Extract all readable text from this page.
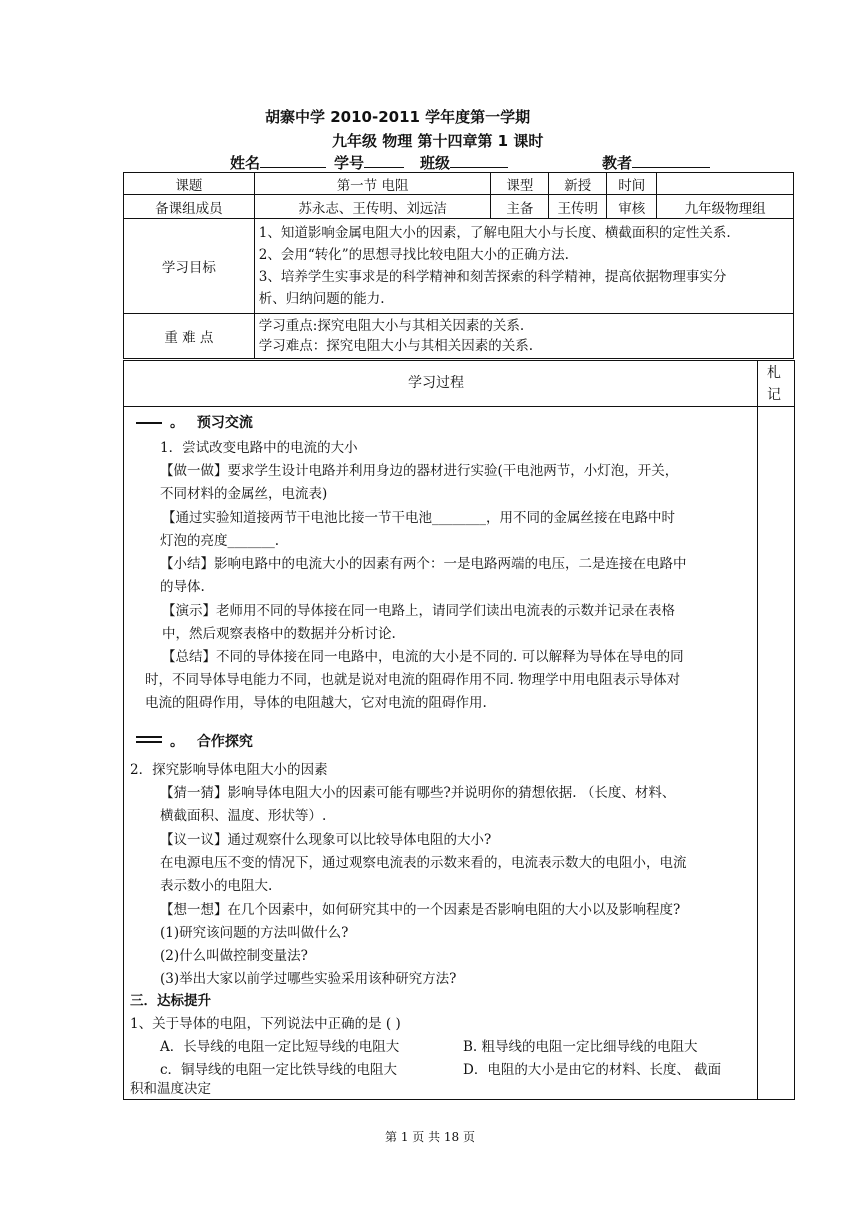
胡寨中学 2010-2011 学年度第一学期
九年级 物理 第十四章第 1 课时
姓名	学号	班级	教者
课题	第一节 电阻	课型	新授	时间	
备课组成员	苏永志、王传明、刘远洁	主备	王传明	审核	九年级物理组
学习目标	1、知道影响金属电阻大小的因素，了解电阻大小与长度、横截面积的定性关系.
2、会用“转化”的思想寻找比较电阻大小的正确方法.
3、培养学生实事求是的科学精神和刻苦探索的科学精神，提高依据物理事实分
析、归纳问题的能力.				

重 难 点	学习重点:探究电阻大小与其相关因素的关系.
学习难点：探究电阻大小与其相关因素的关系.				
学习过程
札
记
。 预习交流
1．尝试改变电路中的电流的大小
【做一做】要求学生设计电路并利用身边的器材进行实验(干电池两节，小灯泡，开关，
不同材料的金属丝，电流表)
【通过实验知道接两节干电池比接一节干电池________，用不同的金属丝接在电路中时
灯泡的亮度_______.
【小结】影响电路中的电流大小的因素有两个：一是电路两端的电压，二是连接在电路中
的导体.
【演示】老师用不同的导体接在同一电路上，请同学们读出电流表的示数并记录在表格
中，然后观察表格中的数据并分析讨论.
【总结】不同的导体接在同一电路中，电流的大小是不同的. 可以解释为导体在导电的同
时，不同导体导电能力不同，也就是说对电流的阻碍作用不同. 物理学中用电阻表示导体对
电流的阻碍作用，导体的电阻越大，它对电流的阻碍作用.
。 合作探究
2．探究影响导体电阻大小的因素
【猜一猜】影响导体电阻大小的因素可能有哪些?并说明你的猜想依据. （长度、材料、
横截面积、温度、形状等）.
【议一议】通过观察什么现象可以比较导体电阻的大小?
在电源电压不变的情况下，通过观察电流表的示数来看的，电流表示数大的电阻小，电流
表示数小的电阻大.
【想一想】在几个因素中，如何研究其中的一个因素是否影响电阻的大小以及影响程度?
(1)研究该问题的方法叫做什么?
(2)什么叫做控制变量法?
(3)举出大家以前学过哪些实验采用该种研究方法?
三．达标提升
1、关于导体的电阻，下列说法中正确的是 ( )
A．长导线的电阻一定比短导线的电阻大	B. 粗导线的电阻一定比细导线的电阻大
c．铜导线的电阻一定比铁导线的电阻大	D．电阻的大小是由它的材料、长度、 截面
积和温度决定
第 1 页 共 18 页
